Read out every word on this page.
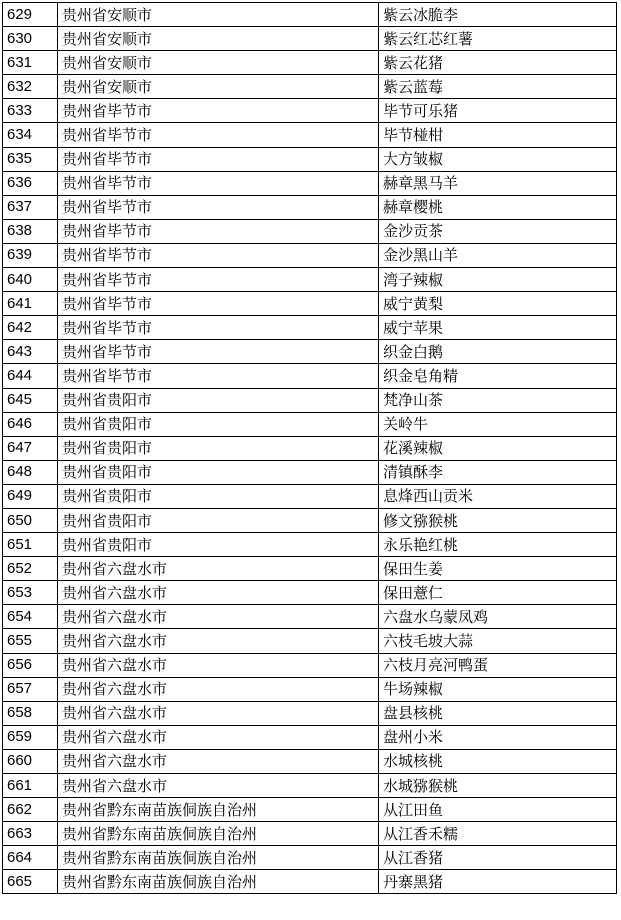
629	贵州省安顺市	紫云冰脆李
630	贵州省安顺市	紫云红芯红薯
631	贵州省安顺市	紫云花猪
632	贵州省安顺市	紫云蓝莓
633	贵州省毕节市	毕节可乐猪
634	贵州省毕节市	毕节椪柑
635	贵州省毕节市	大方皱椒
636	贵州省毕节市	赫章黑马羊
637	贵州省毕节市	赫章樱桃
638	贵州省毕节市	金沙贡茶
639	贵州省毕节市	金沙黑山羊
640	贵州省毕节市	湾子辣椒
641	贵州省毕节市	威宁黄梨
642	贵州省毕节市	威宁苹果
643	贵州省毕节市	织金白鹅
644	贵州省毕节市	织金皂角精
645	贵州省贵阳市	梵净山茶
646	贵州省贵阳市	关岭牛
647	贵州省贵阳市	花溪辣椒
648	贵州省贵阳市	清镇酥李
649	贵州省贵阳市	息烽西山贡米
650	贵州省贵阳市	修文猕猴桃
651	贵州省贵阳市	永乐艳红桃
652	贵州省六盘水市	保田生姜
653	贵州省六盘水市	保田薏仁
654	贵州省六盘水市	六盘水乌蒙凤鸡
655	贵州省六盘水市	六枝毛坡大蒜
656	贵州省六盘水市	六枝月亮河鸭蛋
657	贵州省六盘水市	牛场辣椒
658	贵州省六盘水市	盘县核桃
659	贵州省六盘水市	盘州小米
660	贵州省六盘水市	水城核桃
661	贵州省六盘水市	水城猕猴桃
662	贵州省黔东南苗族侗族自治州	从江田鱼
663	贵州省黔东南苗族侗族自治州	从江香禾糯
664	贵州省黔东南苗族侗族自治州	从江香猪
665	贵州省黔东南苗族侗族自治州	丹寨黑猪
